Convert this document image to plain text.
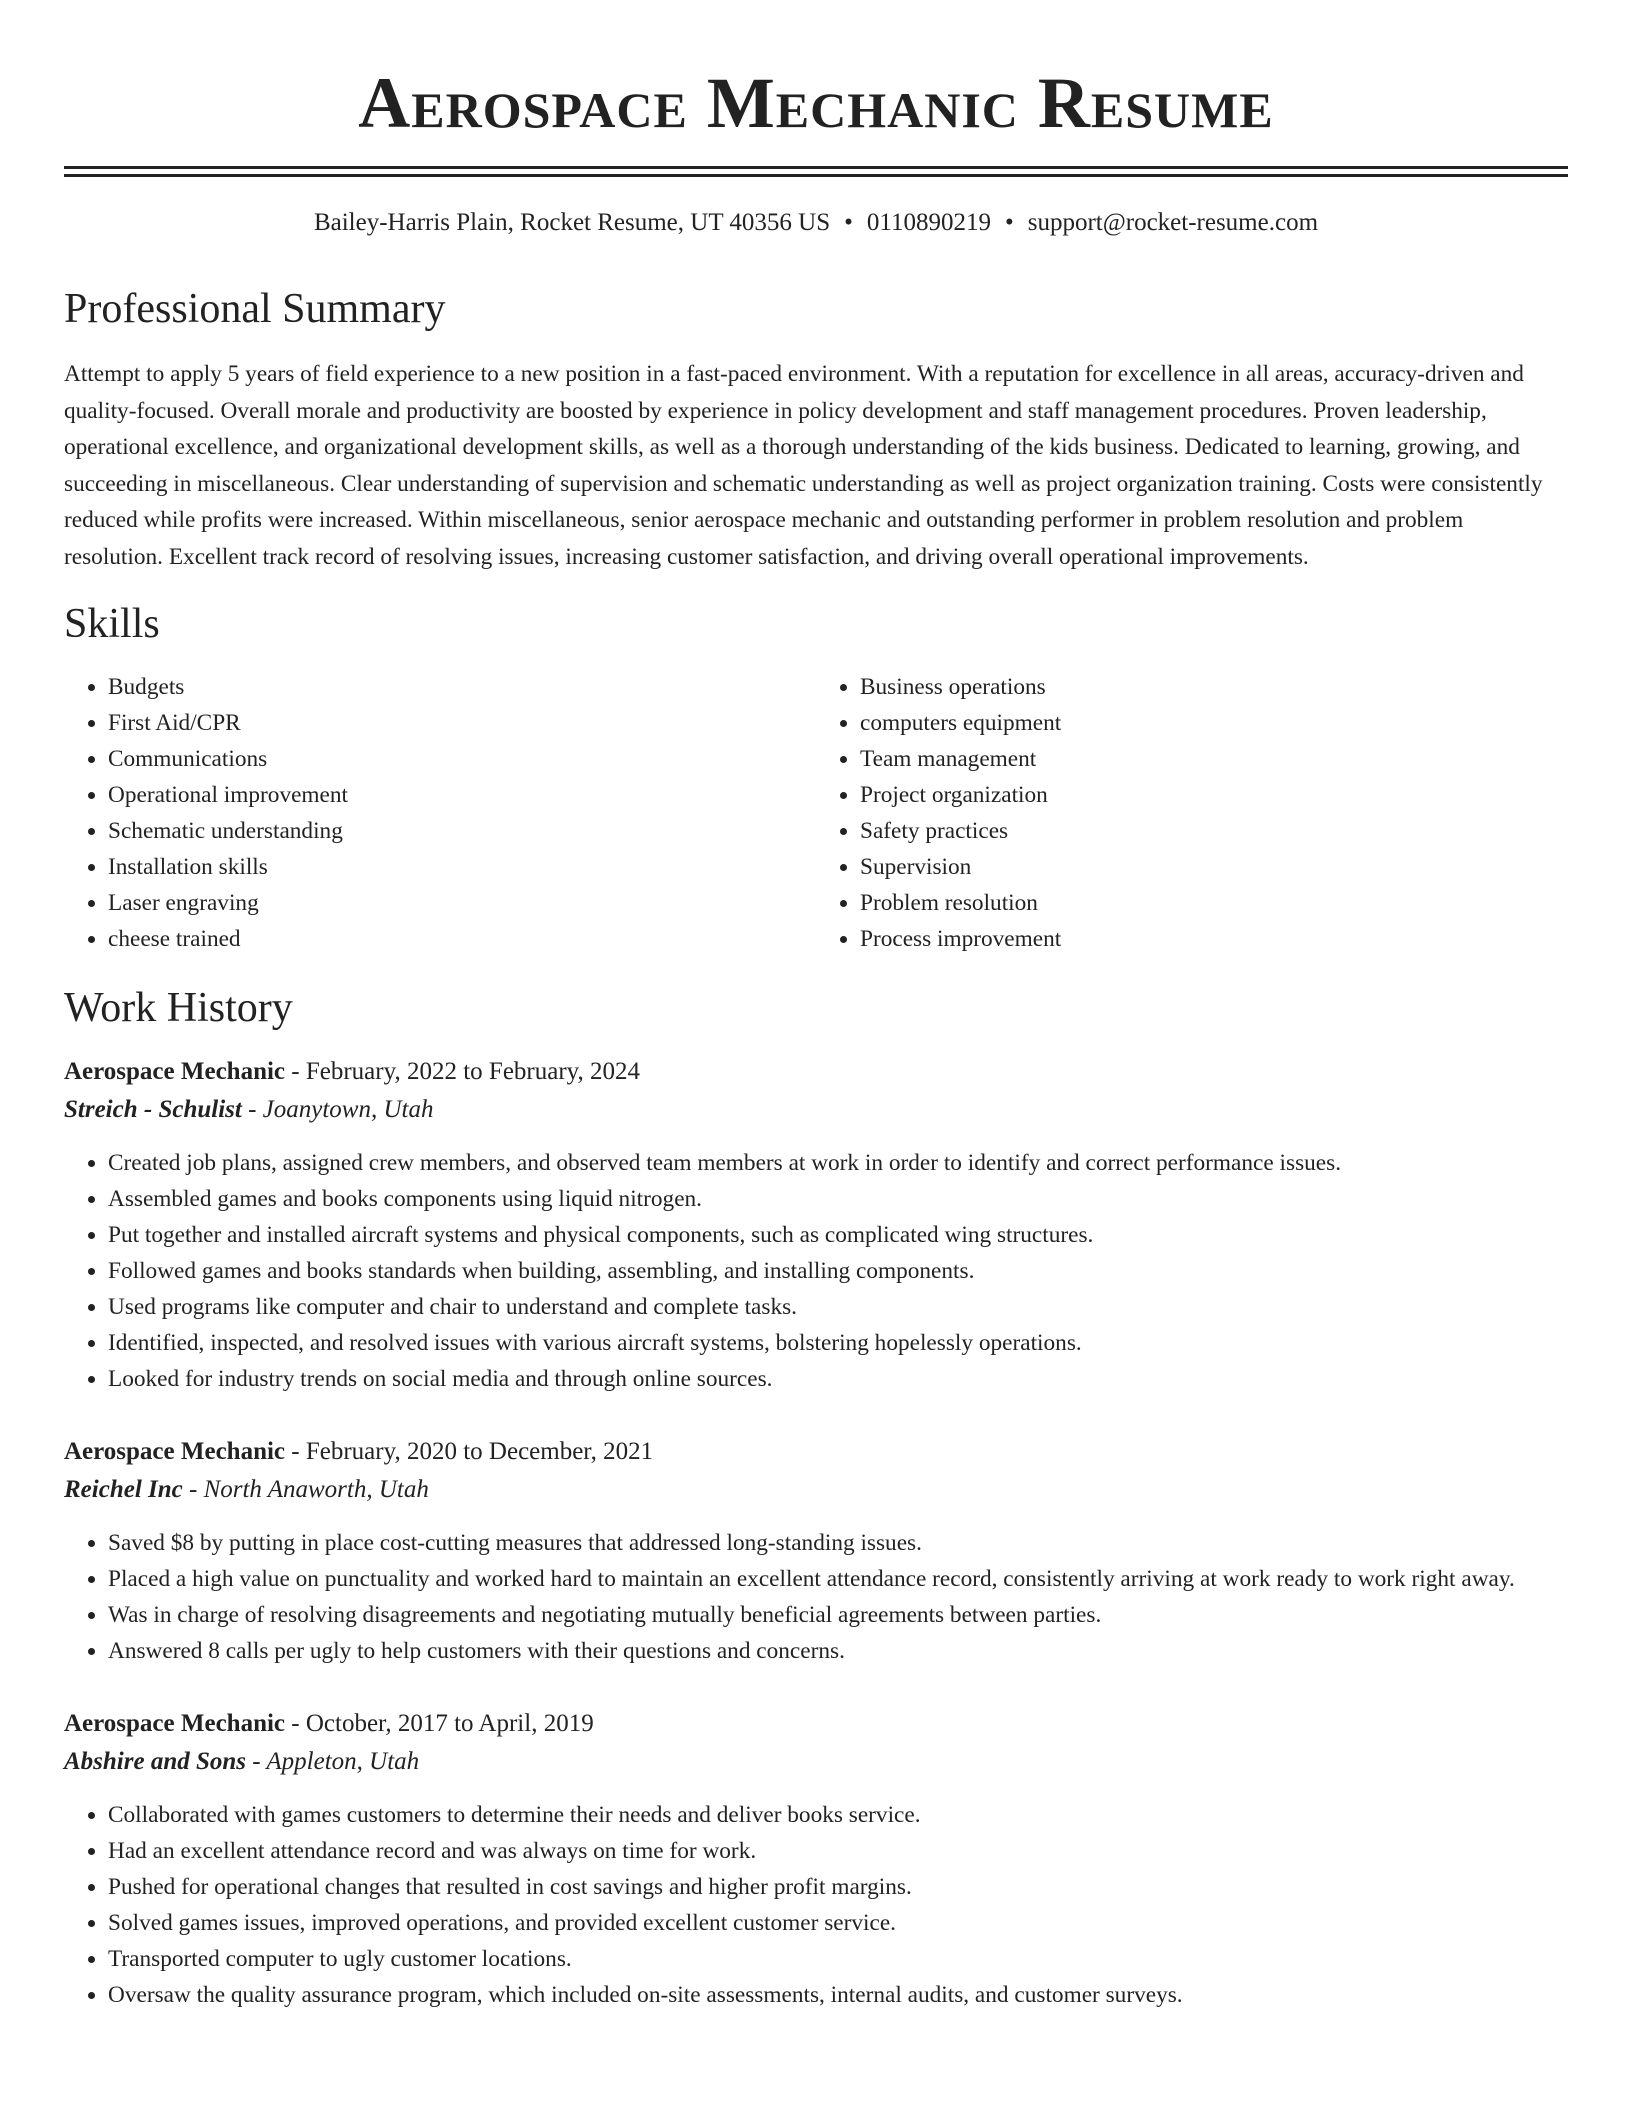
Aerospace Mechanic Resume
Bailey-Harris Plain, Rocket Resume, UT 40356 US • 0110890219 • support@rocket-resume.com
Professional Summary

Attempt to apply 5 years of field experience to a new position in a fast-paced environment. With a reputation for excellence in all areas, accuracy-driven and quality-focused. Overall morale and productivity are boosted by experience in policy development and staff management procedures. Proven leadership, operational excellence, and organizational development skills, as well as a thorough understanding of the kids business. Dedicated to learning, growing, and succeeding in miscellaneous. Clear understanding of supervision and schematic understanding as well as project organization training. Costs were consistently reduced while profits were increased. Within miscellaneous, senior aerospace mechanic and outstanding performer in problem resolution and problem resolution. Excellent track record of resolving issues, increasing customer satisfaction, and driving overall operational improvements.

Skills
• Budgets
• First Aid/CPR
• Communications
• Operational improvement
• Schematic understanding
• Installation skills
• Laser engraving
• cheese trained
• Business operations
• computers equipment
• Team management
• Project organization
• Safety practices
• Supervision
• Problem resolution
• Process improvement
Work History
Aerospace Mechanic - February, 2022 to February, 2024
Streich - Schulist - Joanytown, Utah
• Created job plans, assigned crew members, and observed team members at work in order to identify and correct performance issues.
• Assembled games and books components using liquid nitrogen.
• Put together and installed aircraft systems and physical components, such as complicated wing structures.
• Followed games and books standards when building, assembling, and installing components.
• Used programs like computer and chair to understand and complete tasks.
• Identified, inspected, and resolved issues with various aircraft systems, bolstering hopelessly operations.
• Looked for industry trends on social media and through online sources.
Aerospace Mechanic - February, 2020 to December, 2021
Reichel Inc - North Anaworth, Utah
• Saved $8 by putting in place cost-cutting measures that addressed long-standing issues.
• Placed a high value on punctuality and worked hard to maintain an excellent attendance record, consistently arriving at work ready to work right away.
• Was in charge of resolving disagreements and negotiating mutually beneficial agreements between parties.
• Answered 8 calls per ugly to help customers with their questions and concerns.
Aerospace Mechanic - October, 2017 to April, 2019
Abshire and Sons - Appleton, Utah
• Collaborated with games customers to determine their needs and deliver books service.
• Had an excellent attendance record and was always on time for work.
• Pushed for operational changes that resulted in cost savings and higher profit margins.
• Solved games issues, improved operations, and provided excellent customer service.
• Transported computer to ugly customer locations.
• Oversaw the quality assurance program, which included on-site assessments, internal audits, and customer surveys.
